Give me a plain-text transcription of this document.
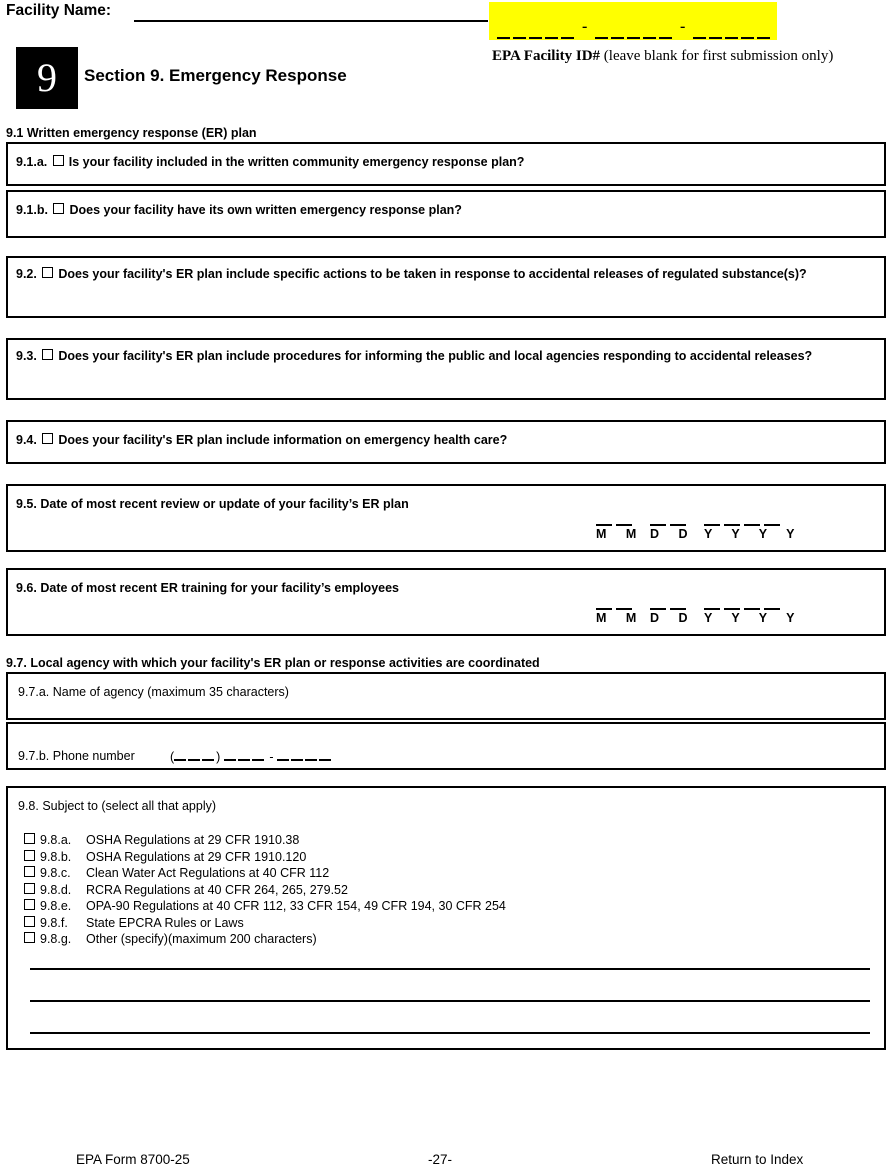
Facility Name:
-	-
EPA Facility ID# (leave blank for first submission only)
9	Section 9. Emergency Response
9.1 Written emergency response (ER) plan
9.1.a. Is your facility included in the written community emergency response plan?
9.1.b. Does your facility have its own written emergency response plan?
9.2. Does your facility's ER plan include specific actions to be taken in response to accidental releases of regulated substance(s)?
9.3. Does your facility's ER plan include procedures for informing the public and local agencies responding to accidental releases?
9.4. Does your facility's ER plan include information on emergency health care?
9.5. Date of most recent review or update of your facility’s ER plan
M M D D Y Y Y Y
9.6. Date of most recent ER training for your facility’s employees
M M D D Y Y Y Y
9.7. Local agency with which your facility's ER plan or response activities are coordinated
9.7.a. Name of agency (maximum 35 characters)
9.7.b. Phone number	(	)	-
9.8. Subject to (select all that apply)
9.8.a. OSHA Regulations at 29 CFR 1910.38
9.8.b. OSHA Regulations at 29 CFR 1910.120
9.8.c. Clean Water Act Regulations at 40 CFR 112
9.8.d. RCRA Regulations at 40 CFR 264, 265, 279.52
9.8.e. OPA-90 Regulations at 40 CFR 112, 33 CFR 154, 49 CFR 194, 30 CFR 254
9.8.f. State EPCRA Rules or Laws
9.8.g. Other (specify)(maximum 200 characters)
EPA Form 8700-25	-27-	Return to Index
